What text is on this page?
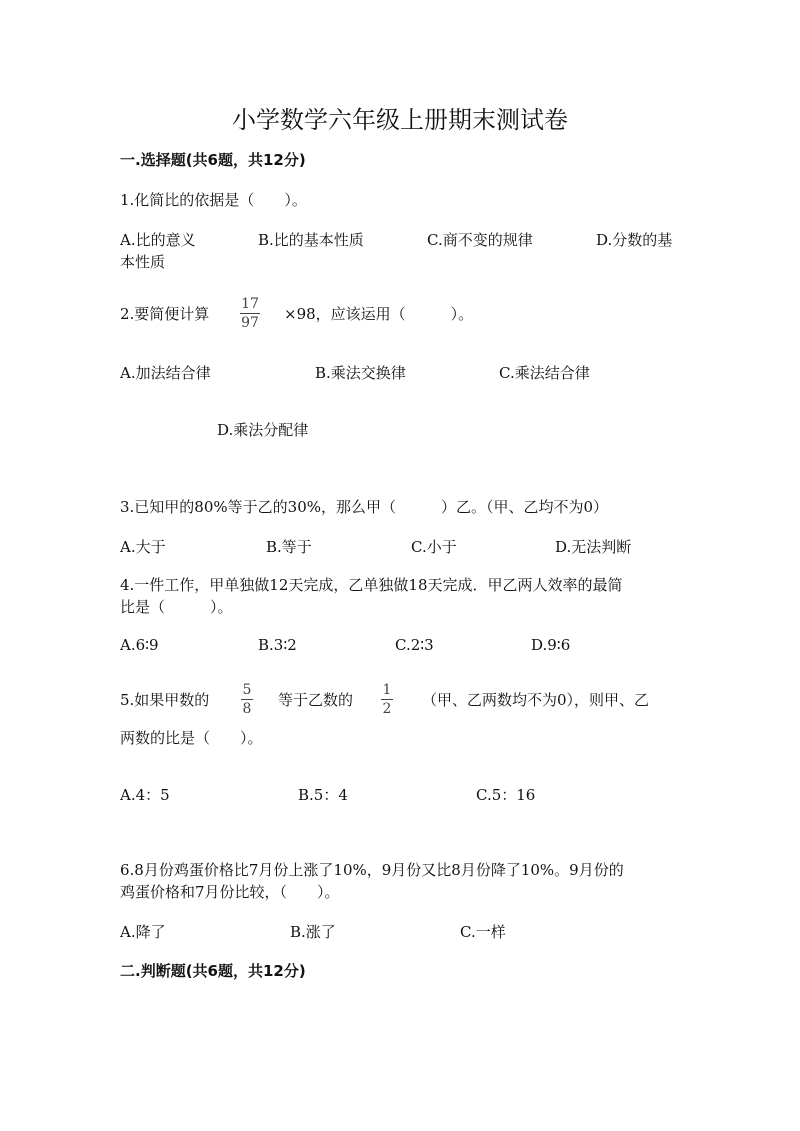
小学数学六年级上册期末测试卷
一.选择题(共6题，共12分)
1.化简比的依据是（　　）。
A.比的意义	B.比的基本性质	C.商不变的规律	D.分数的基
本性质
2.要简便计算
17
97 ×98，应该运用（　　　）。
A.加法结合律	B.乘法交换律	C.乘法结合律
D.乘法分配律
3.已知甲的80%等于乙的30%，那么甲（　　　）乙。（甲、乙均不为0）
A.大于	B.等于	C.小于	D.无法判断
4.一件工作，甲单独做12天完成，乙单独做18天完成．甲乙两人效率的最简
比是（　　　）。
A.6∶9	B.3∶2	C.2∶3	D.9∶6
5.如果甲数的
5
8 等于乙数的
1
2 （甲、乙两数均不为0），则甲、乙
两数的比是（　　）。
A.4：5	B.5：4	C.5：16
6.8月份鸡蛋价格比7月份上涨了10%，9月份又比8月份降了10%。9月份的
鸡蛋价格和7月份比较，（　　）。
A.降了	B.涨了	C.一样
二.判断题(共6题，共12分)
